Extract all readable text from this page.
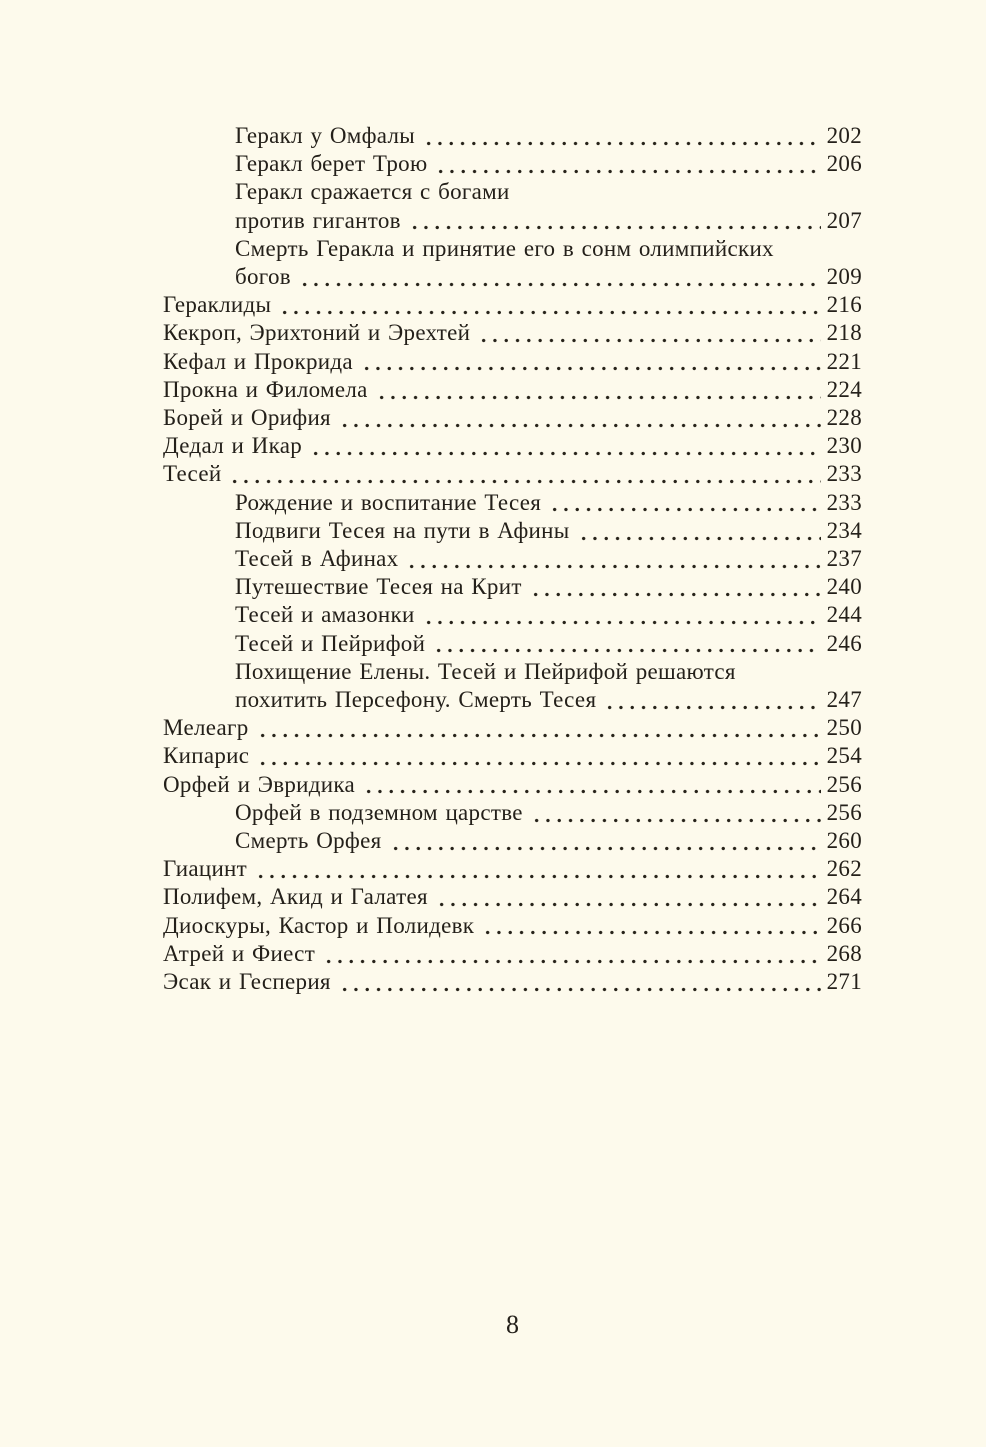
Геракл у Омфалы	202
Геракл берет Трою	206
Геракл сражается с богами
против гигантов	207
Смерть Геракла и принятие его в сонм олимпийских
богов	209
Гераклиды	216
Кекроп, Эрихтоний и Эрехтей	218
Кефал и Прокрида	221
Прокна и Филомела	224
Борей и Орифия	228
Дедал и Икар	230
Тесей	233
Рождение и воспитание Тесея	233
Подвиги Тесея на пути в Афины	234
Тесей в Афинах	237
Путешествие Тесея на Крит	240
Тесей и амазонки	244
Тесей и Пейрифой	246
Похищение Елены. Тесей и Пейрифой решаются
похитить Персефону. Смерть Тесея	247
Мелеагр	250
Кипарис	254
Орфей и Эвридика	256
Орфей в подземном царстве	256
Смерть Орфея	260
Гиацинт	262
Полифем, Акид и Галатея	264
Диоскуры, Кастор и Полидевк	266
Атрей и Фиест	268
Эсак и Гесперия	271
8
